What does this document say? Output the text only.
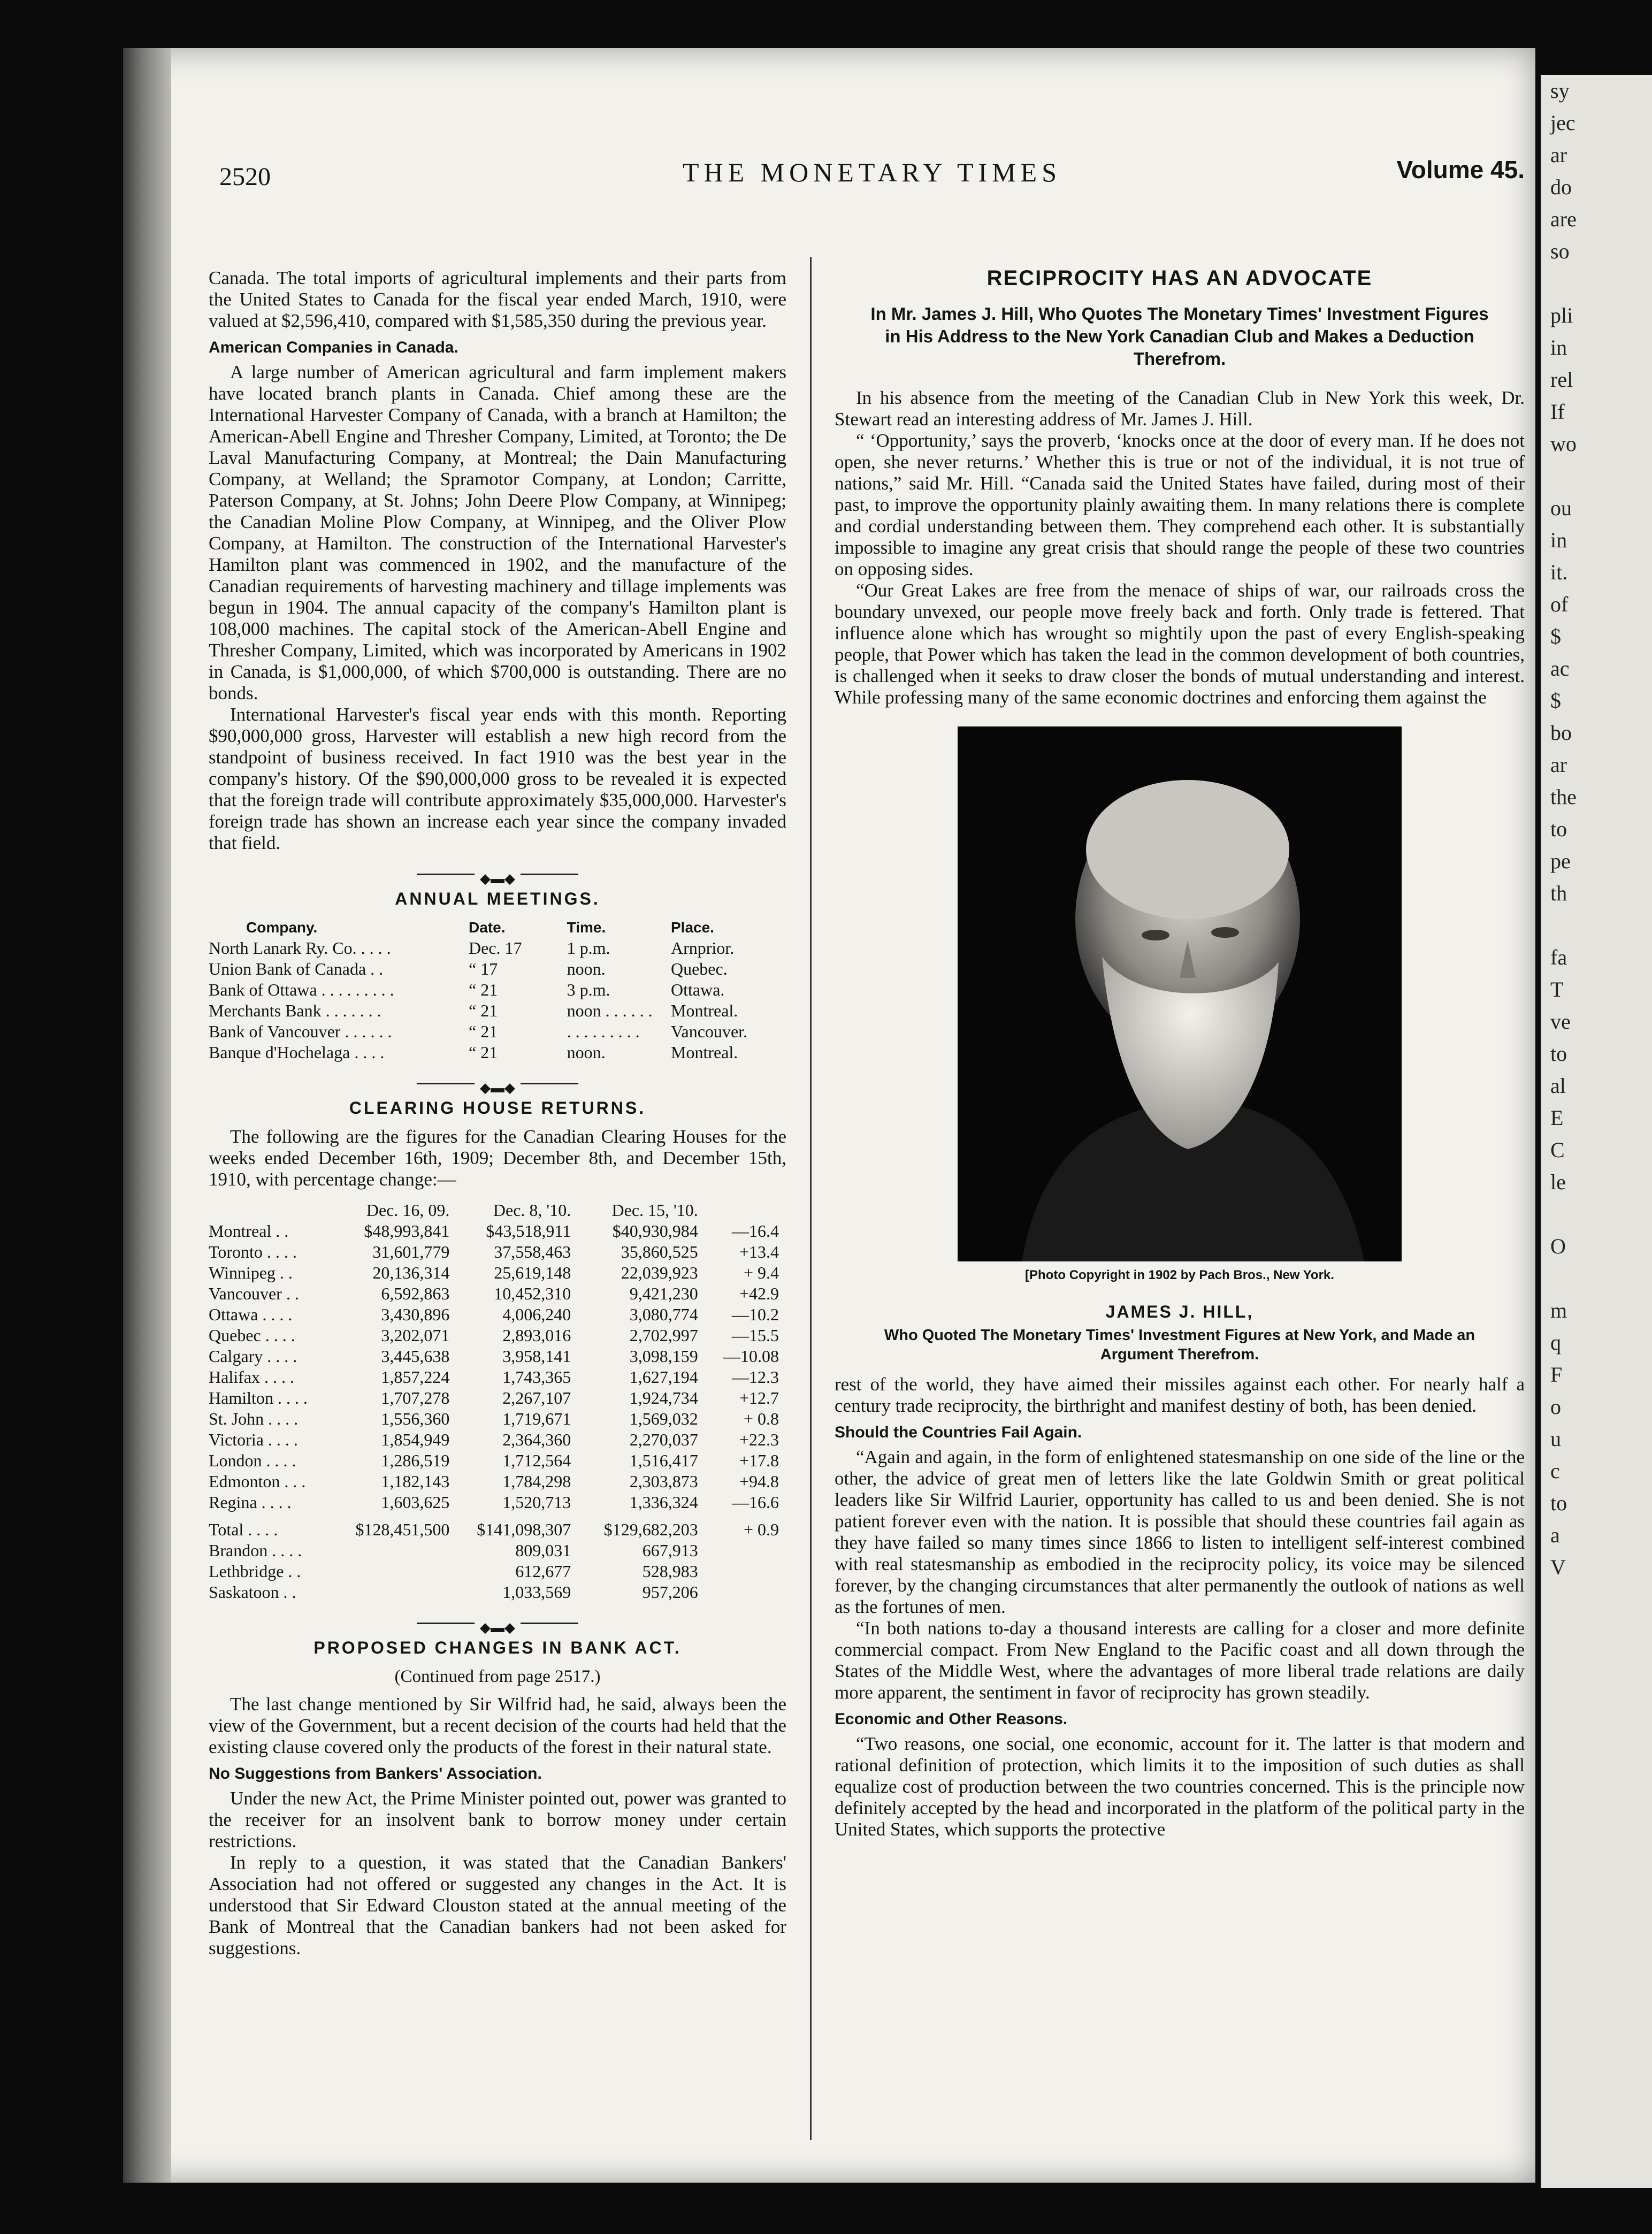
2520	THE MONETARY TIMES	Volume 45.

Canada. The total imports of agricultural implements and their parts from the United States to Canada for the fiscal year ended March, 1910, were valued at $2,596,410, compared with $1,585,350 during the previous year.

American Companies in Canada.

A large number of American agricultural and farm implement makers have located branch plants in Canada. Chief among these are the International Harvester Company of Canada, with a branch at Hamilton; the American-Abell Engine and Thresher Company, Limited, at Toronto; the De Laval Manufacturing Company, at Montreal; the Dain Manufacturing Company, at Welland; the Spramotor Company, at London; Carritte, Paterson Company, at St. Johns; John Deere Plow Company, at Winnipeg; the Canadian Moline Plow Company, at Winnipeg, and the Oliver Plow Company, at Hamilton. The construction of the International Harvester's Hamilton plant was commenced in 1902, and the manufacture of the Canadian requirements of harvesting machinery and tillage implements was begun in 1904. The annual capacity of the company's Hamilton plant is 108,000 machines. The capital stock of the American-Abell Engine and Thresher Company, Limited, which was incorporated by Americans in 1902 in Canada, is $1,000,000, of which $700,000 is outstanding. There are no bonds.

International Harvester's fiscal year ends with this month. Reporting $90,000,000 gross, Harvester will establish a new high record from the standpoint of business received. In fact 1910 was the best year in the company's history. Of the $90,000,000 gross to be revealed it is expected that the foreign trade will contribute approximately $35,000,000. Harvester's foreign trade has shown an increase each year since the company invaded that field.

◆▬◆
ANNUAL MEETINGS.
Company.	Date.	Time.	Place.
North Lanark Ry. Co. . . . .	Dec. 17	1 p.m.	Arnprior.
Union Bank of Canada . .	“ 17	noon.	Quebec.
Bank of Ottawa . . . . . . . . .	“ 21	3 p.m.	Ottawa.
Merchants Bank . . . . . . .	“ 21	noon . . . . . .	Montreal.
Bank of Vancouver . . . . . .	“ 21	. . . . . . . . .	Vancouver.
Banque d'Hochelaga . . . .	“ 21	noon.	Montreal.
◆▬◆
CLEARING HOUSE RETURNS.

The following are the figures for the Canadian Clearing Houses for the weeks ended December 16th, 1909; December 8th, and December 15th, 1910, with percentage change:—

	Dec. 16, 09.	Dec. 8, '10.	Dec. 15, '10.	
Montreal . .	$48,993,841	$43,518,911	$40,930,984	—16.4
Toronto . . . .	31,601,779	37,558,463	35,860,525	+13.4
Winnipeg . .	20,136,314	25,619,148	22,039,923	+ 9.4
Vancouver . .	6,592,863	10,452,310	9,421,230	+42.9
Ottawa . . . .	3,430,896	4,006,240	3,080,774	—10.2
Quebec . . . .	3,202,071	2,893,016	2,702,997	—15.5
Calgary . . . .	3,445,638	3,958,141	3,098,159	—10.08
Halifax . . . .	1,857,224	1,743,365	1,627,194	—12.3
Hamilton . . . .	1,707,278	2,267,107	1,924,734	+12.7
St. John . . . .	1,556,360	1,719,671	1,569,032	+ 0.8
Victoria . . . .	1,854,949	2,364,360	2,270,037	+22.3
London . . . .	1,286,519	1,712,564	1,516,417	+17.8
Edmonton . . .	1,182,143	1,784,298	2,303,873	+94.8
Regina . . . .	1,603,625	1,520,713	1,336,324	—16.6
Total . . . .	$128,451,500	$141,098,307	$129,682,203	+ 0.9
Brandon . . . .		809,031	667,913	
Lethbridge . .		612,677	528,983	
Saskatoon . .		1,033,569	957,206	
◆▬◆
PROPOSED CHANGES IN BANK ACT.
(Continued from page 2517.)

The last change mentioned by Sir Wilfrid had, he said, always been the view of the Government, but a recent decision of the courts had held that the existing clause covered only the products of the forest in their natural state.

No Suggestions from Bankers' Association.

Under the new Act, the Prime Minister pointed out, power was granted to the receiver for an insolvent bank to borrow money under certain restrictions.

In reply to a question, it was stated that the Canadian Bankers' Association had not offered or suggested any changes in the Act. It is understood that Sir Edward Clouston stated at the annual meeting of the Bank of Montreal that the Canadian bankers had not been asked for suggestions.

RECIPROCITY HAS AN ADVOCATE
In Mr. James J. Hill, Who Quotes The Monetary Times' Investment Figures in His Address to the New York Canadian Club and Makes a Deduction Therefrom.

In his absence from the meeting of the Canadian Club in New York this week, Dr. Stewart read an interesting address of Mr. James J. Hill.

“ ‘Opportunity,’ says the proverb, ‘knocks once at the door of every man. If he does not open, she never returns.’ Whether this is true or not of the individual, it is not true of nations,” said Mr. Hill. “Canada said the United States have failed, during most of their past, to improve the opportunity plainly awaiting them. In many relations there is complete and cordial understanding between them. They comprehend each other. It is substantially impossible to imagine any great crisis that should range the people of these two countries on opposing sides.

“Our Great Lakes are free from the menace of ships of war, our railroads cross the boundary unvexed, our people move freely back and forth. Only trade is fettered. That influence alone which has wrought so mightily upon the past of every English-speaking people, that Power which has taken the lead in the common development of both countries, is challenged when it seeks to draw closer the bonds of mutual understanding and interest. While professing many of the same economic doctrines and enforcing them against the

[Photo Copyright in 1902 by Pach Bros., New York.
JAMES J. HILL,
Who Quoted The Monetary Times' Investment Figures at New York, and Made an Argument Therefrom.

rest of the world, they have aimed their missiles against each other. For nearly half a century trade reciprocity, the birthright and manifest destiny of both, has been denied.

Should the Countries Fail Again.

“Again and again, in the form of enlightened statesmanship on one side of the line or the other, the advice of great men of letters like the late Goldwin Smith or great political leaders like Sir Wilfrid Laurier, opportunity has called to us and been denied. She is not patient forever even with the nation. It is possible that should these countries fail again as they have failed so many times since 1866 to listen to intelligent self-interest combined with real statesmanship as embodied in the reciprocity policy, its voice may be silenced forever, by the changing circumstances that alter permanently the outlook of nations as well as the fortunes of men.

“In both nations to-day a thousand interests are calling for a closer and more definite commercial compact. From New England to the Pacific coast and all down through the States of the Middle West, where the advantages of more liberal trade relations are daily more apparent, the sentiment in favor of reciprocity has grown steadily.

Economic and Other Reasons.

“Two reasons, one social, one economic, account for it. The latter is that modern and rational definition of protection, which limits it to the imposition of such duties as shall equalize cost of production between the two countries concerned. This is the principle now definitely accepted by the head and incorporated in the platform of the political party in the United States, which supports the protective

sy
jec
ar
do
are
so

pli
in
rel
If
wo

ou
in
it.
of
$
ac
$
bo
ar
the
to
pe
th

fa
T
ve
to
al
E
C
le

O

m
q
F
o
u
c
to
a
V
